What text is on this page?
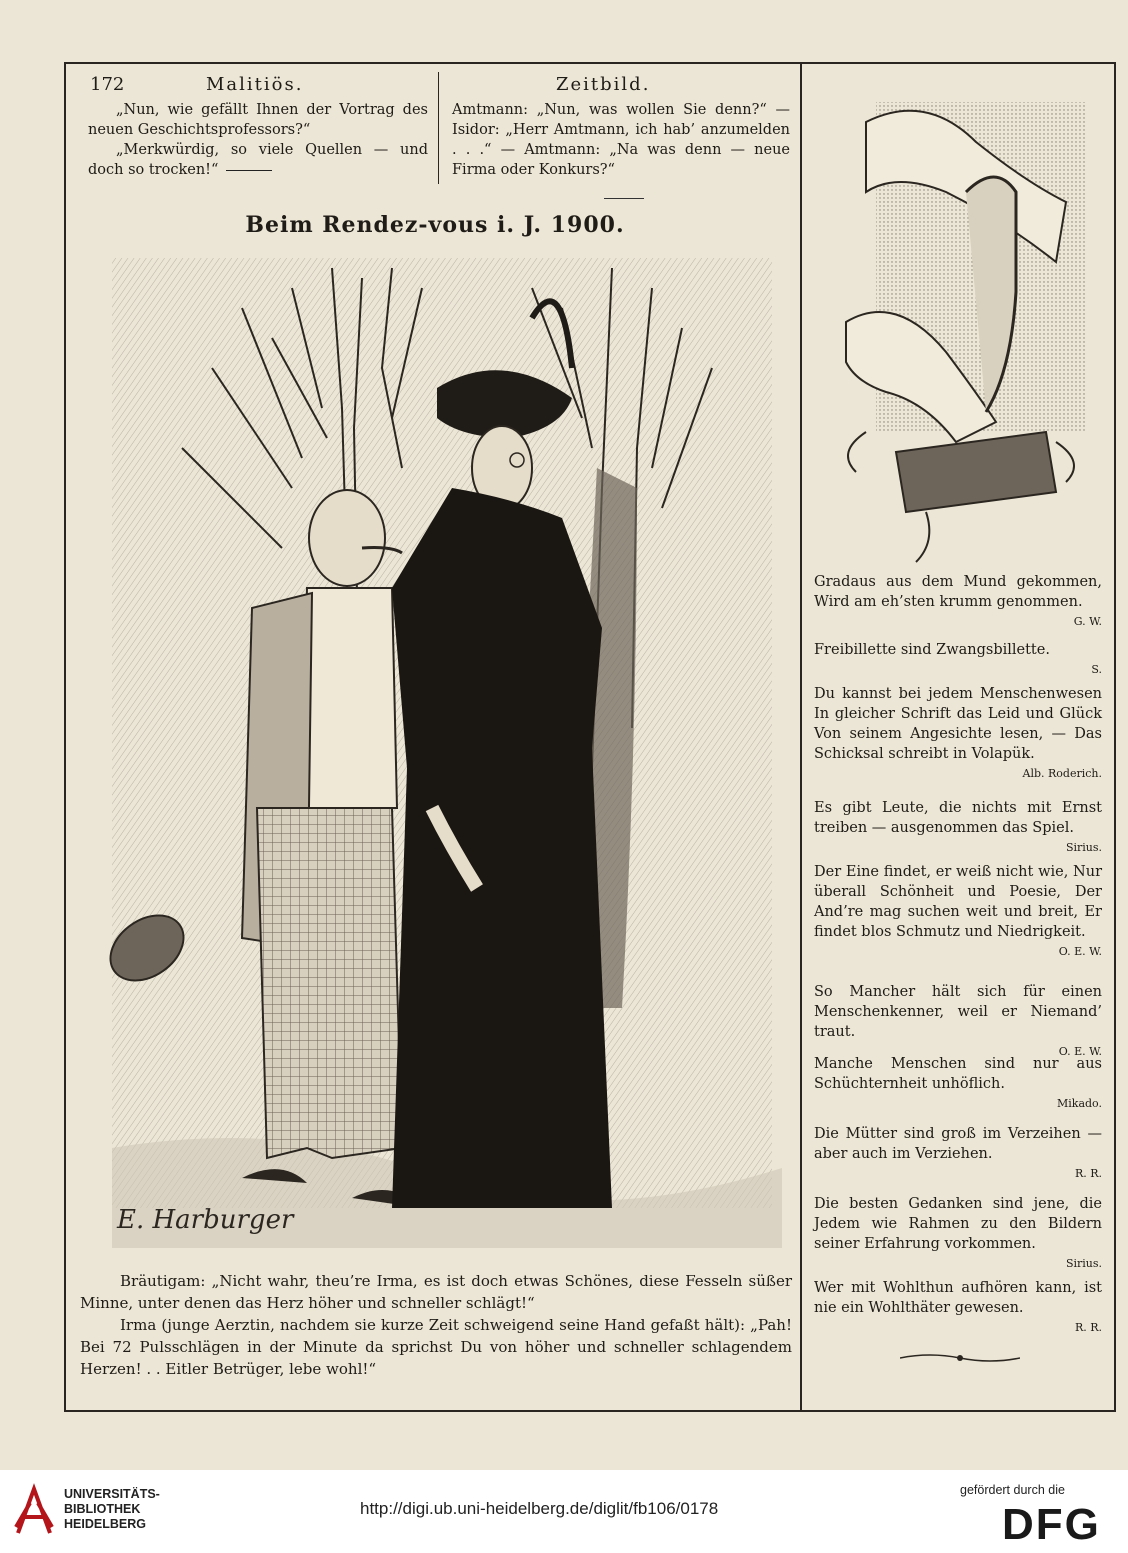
172	Malitiös.	Zeitbild.

„Nun, wie gefällt Ihnen der Vortrag des neuen Geschichtsprofessors?“

„Merkwürdig, so viele Quellen — und doch so trocken!“

Amtmann: „Nun, was wollen Sie denn?“ — Isidor: „Herr Amtmann, ich hab’ anzumelden . . .“ — Amtmann: „Na was denn — neue Firma oder Konkurs?“

Beim Rendez-vous i. J. 1900.
E. Harburger

Bräutigam: „Nicht wahr, theu’re Irma, es ist doch etwas Schönes, diese Fesseln süßer Minne, unter denen das Herz höher und schneller schlägt!“

Irma (junge Aerztin, nachdem sie kurze Zeit schweigend seine Hand gefaßt hält): „Pah! Bei 72 Pulsschlägen in der Minute da sprichst Du von höher und schneller schlagendem Herzen! . . Eitler Betrüger, lebe wohl!“

Gradaus aus dem Mund gekommen, Wird am eh’sten krumm genommen.

G. W.

Freibillette sind Zwangsbillette.

S.

Du kannst bei jedem Menschenwesen In gleicher Schrift das Leid und Glück Von seinem Angesichte lesen, — Das Schicksal schreibt in Volapük.

Alb. Roderich.

Es gibt Leute, die nichts mit Ernst treiben — ausgenommen das Spiel.

Sirius.

Der Eine findet, er weiß nicht wie, Nur überall Schönheit und Poesie, Der And’re mag suchen weit und breit, Er findet blos Schmutz und Niedrigkeit.

O. E. W.

So Mancher hält sich für einen Menschenkenner, weil er Niemand’ traut.

O. E. W.

Manche Menschen sind nur aus Schüchternheit unhöflich.

Mikado.

Die Mütter sind groß im Verzeihen — aber auch im Verziehen.

R. R.

Die besten Gedanken sind jene, die Jedem wie Rahmen zu den Bildern seiner Erfahrung vorkommen.

Sirius.

Wer mit Wohlthun aufhören kann, ist nie ein Wohlthäter gewesen.

R. R.
UNIVERSITÄTS-
BIBLIOTHEK
HEIDELBERG
http://digi.ub.uni-heidelberg.de/diglit/fb106/0178
gefördert durch die
DFG
